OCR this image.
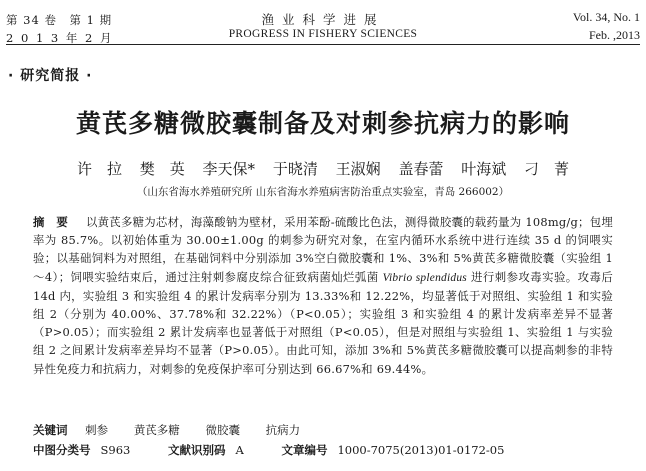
第 34 卷　第 1 期
2 0 1 3 年 2 月
渔业科学进展
PROGRESS IN FISHERY SCIENCES
Vol. 34, No. 1
Feb. ,2013
· 研究简报 ·
黄芪多糖微胶囊制备及对刺参抗病力的影响
许　拉 樊　英 李天保* 于晓清 王淑娴 盖春蕾 叶海斌 刁　菁
（山东省海水养殖研究所 山东省海水养殖病害防治重点实验室，青岛 266002）
摘　要 以黄芪多糖为芯材，海藻酸钠为壁材，采用苯酚-硫酸比色法，测得微胶囊的载药量为 108mg/g；包埋率为 85.7%。以初始体重为 30.00±1.00g 的刺参为研究对象，在室内循环水系统中进行连续 35 d 的饲喂实验；以基础饲料为对照组，在基础饲料中分别添加 3%空白微胶囊和 1%、3%和 5%黄芪多糖微胶囊（实验组 1～4）；饲喂实验结束后，通过注射刺参腐皮综合征致病菌灿烂弧菌 Vibrio splendidus 进行刺参攻毒实验。攻毒后 14d 内，实验组 3 和实验组 4 的累计发病率分别为 13.33%和 12.22%，均显著低于对照组、实验组 1 和实验组 2（分别为 40.00%、37.78%和 32.22%）（P<0.05）；实验组 3 和实验组 4 的累计发病率差异不显著（P>0.05）；而实验组 2 累计发病率也显著低于对照组（P<0.05），但是对照组与实验组 1、实验组 1 与实验组 2 之间累计发病率差异均不显著（P>0.05）。由此可知，添加 3%和 5%黄芪多糖微胶囊可以提高刺参的非特异性免疫力和抗病力，对刺参的免疫保护率可分别达到 66.67%和 69.44%。
关键词 刺参 黄芪多糖 微胶囊 抗病力
中图分类号 S963	文献识别码 A	文章编号 1000-7075(2013)01-0172-05
